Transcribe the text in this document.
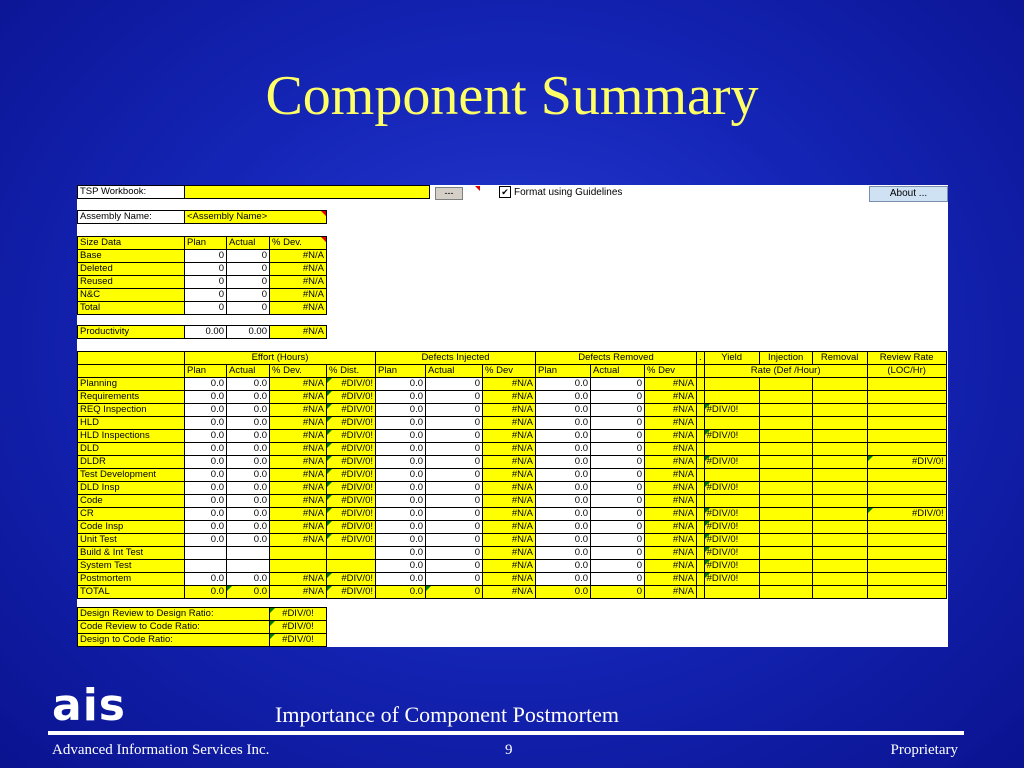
Component Summary
TSP Workbook:		---	✔ Format using Guidelines	About ...
Assembly Name:	<Assembly Name>
Size Data	Plan	Actual	% Dev.
Base	0	0	#N/A
Deleted	0	0	#N/A
Reused	0	0	#N/A
N&C	0	0	#N/A
Total	0	0	#N/A
Productivity	0.00	0.00	#N/A
	Effort (Hours)				Defects Injected			Defects Removed			.	Yield	Injection	Removal	Review Rate
	Plan	Actual	% Dev.	% Dist.	Plan	Actual	% Dev	Plan	Actual	% Dev		Rate (Def /Hour)			(LOC/Hr)
Planning	0.0	0.0	#N/A	#DIV/0!	0.0	0	#N/A	0.0	0	#N/A					
Requirements	0.0	0.0	#N/A	#DIV/0!	0.0	0	#N/A	0.0	0	#N/A					
REQ Inspection	0.0	0.0	#N/A	#DIV/0!	0.0	0	#N/A	0.0	0	#N/A		#DIV/0!			
HLD	0.0	0.0	#N/A	#DIV/0!	0.0	0	#N/A	0.0	0	#N/A					
HLD Inspections	0.0	0.0	#N/A	#DIV/0!	0.0	0	#N/A	0.0	0	#N/A		#DIV/0!			
DLD	0.0	0.0	#N/A	#DIV/0!	0.0	0	#N/A	0.0	0	#N/A					
DLDR	0.0	0.0	#N/A	#DIV/0!	0.0	0	#N/A	0.0	0	#N/A		#DIV/0!			#DIV/0!
Test Development	0.0	0.0	#N/A	#DIV/0!	0.0	0	#N/A	0.0	0	#N/A					
DLD Insp	0.0	0.0	#N/A	#DIV/0!	0.0	0	#N/A	0.0	0	#N/A		#DIV/0!			
Code	0.0	0.0	#N/A	#DIV/0!	0.0	0	#N/A	0.0	0	#N/A					
CR	0.0	0.0	#N/A	#DIV/0!	0.0	0	#N/A	0.0	0	#N/A		#DIV/0!			#DIV/0!
Code Insp	0.0	0.0	#N/A	#DIV/0!	0.0	0	#N/A	0.0	0	#N/A		#DIV/0!			
Unit Test	0.0	0.0	#N/A	#DIV/0!	0.0	0	#N/A	0.0	0	#N/A		#DIV/0!			
Build & Int Test					0.0	0	#N/A	0.0	0	#N/A		#DIV/0!			
System Test					0.0	0	#N/A	0.0	0	#N/A		#DIV/0!			
Postmortem	0.0	0.0	#N/A	#DIV/0!	0.0	0	#N/A	0.0	0	#N/A		#DIV/0!			
TOTAL	0.0	0.0	#N/A	#DIV/0!	0.0	0	#N/A	0.0	0	#N/A					
Design Review to Design Ratio:	#DIV/0!
Code Review to Code Ratio:	#DIV/0!
Design to Code Ratio:	#DIV/0!
ais	Importance of Component Postmortem
Advanced Information Services Inc.	9	Proprietary
